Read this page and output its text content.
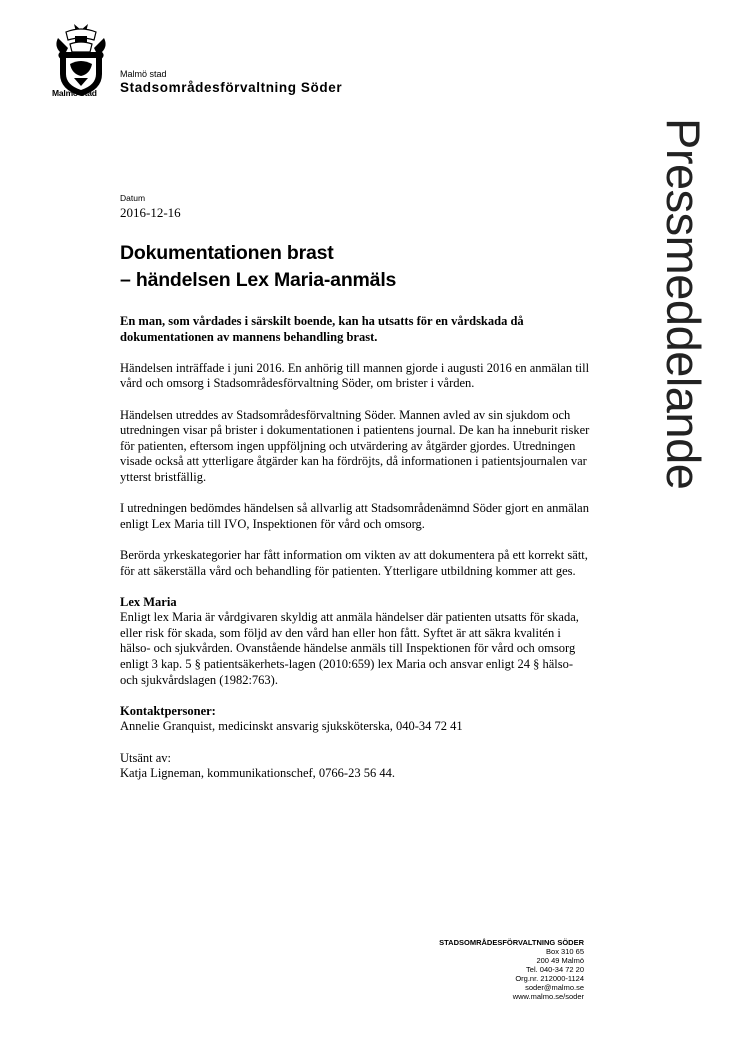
Malmö stad
Malmö stad
Stadsområdesförvaltning Söder
Pressmeddelande
Datum
2016-12-16
Dokumentationen brast
– händelsen Lex Maria-anmäls

En man, som vårdades i särskilt boende, kan ha utsatts för en vårdskada då dokumentationen av mannens behandling brast.

Händelsen inträffade i juni 2016. En anhörig till mannen gjorde i augusti 2016 en anmälan till vård och omsorg i Stadsområdesförvaltning Söder, om brister i vården.

Händelsen utreddes av Stadsområdesförvaltning Söder. Mannen avled av sin sjukdom och utredningen visar på brister i dokumentationen i patientens journal. De kan ha inneburit risker för patienten, eftersom ingen uppföljning och utvärdering av åtgärder gjordes. Utredningen visade också att ytterligare åtgärder kan ha fördröjts, då informationen i patientsjournalen var ytterst bristfällig.

I utredningen bedömdes händelsen så allvarlig att Stadsområdenämnd Söder gjort en anmälan enligt Lex Maria till IVO, Inspektionen för vård och omsorg.

Berörda yrkeskategorier har fått information om vikten av att dokumentera på ett korrekt sätt, för att säkerställa vård och behandling för patienten. Ytterligare utbildning kommer att ges.

Lex Maria

Enligt lex Maria är vårdgivaren skyldig att anmäla händelser där patienten utsatts för skada, eller risk för skada, som följd av den vård han eller hon fått. Syftet är att säkra kvalitén i hälso- och sjukvården. Ovanstående händelse anmäls till Inspektionen för vård och omsorg enligt 3 kap. 5 § patientsäkerhets-lagen (2010:659) lex Maria och ansvar enligt 24 § hälso- och sjukvårdslagen (1982:763).

Kontaktpersoner:

Annelie Granquist, medicinskt ansvarig sjuksköterska, 040-34 72 41

Utsänt av:

Katja Ligneman, kommunikationschef, 0766-23 56 44.

STADSOMRÅDESFÖRVALTNING SÖDER
Box 310 65
200 49 Malmö
Tel. 040-34 72 20
Org.nr. 212000-1124
soder@malmo.se
www.malmo.se/soder
